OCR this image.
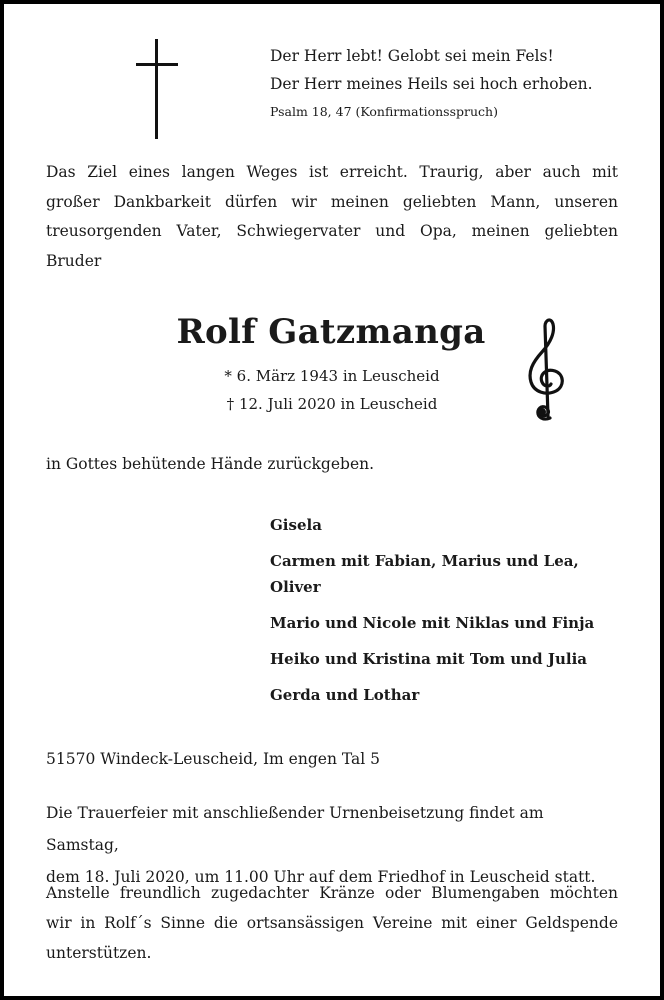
Der Herr lebt! Gelobt sei mein Fels!
Der Herr meines Heils sei hoch erhoben.
Psalm 18, 47 (Konfirmationsspruch)
Das Ziel eines langen Weges ist erreicht. Traurig, aber auch mit
großer Dankbarkeit dürfen wir meinen geliebten Mann, unseren
treusorgenden Vater, Schwiegervater und Opa, meinen geliebten
Bruder
Rolf Gatzmanga
* 6. März 1943 in Leuscheid
† 12. Juli 2020 in Leuscheid
in Gottes behütende Hände zurückgeben.
Gisela
Carmen mit Fabian, Marius und Lea,
Oliver
Mario und Nicole mit Niklas und Finja
Heiko und Kristina mit Tom und Julia
Gerda und Lothar
51570 Windeck-Leuscheid, Im engen Tal 5
Die Trauerfeier mit anschließender Urnenbeisetzung findet am Samstag,
dem 18. Juli 2020, um 11.00 Uhr auf dem Friedhof in Leuscheid statt.
Anstelle freundlich zugedachter Kränze oder Blumengaben möchten
wir in Rolf´s Sinne die ortsansässigen Vereine mit einer Geldspende
unterstützen.
